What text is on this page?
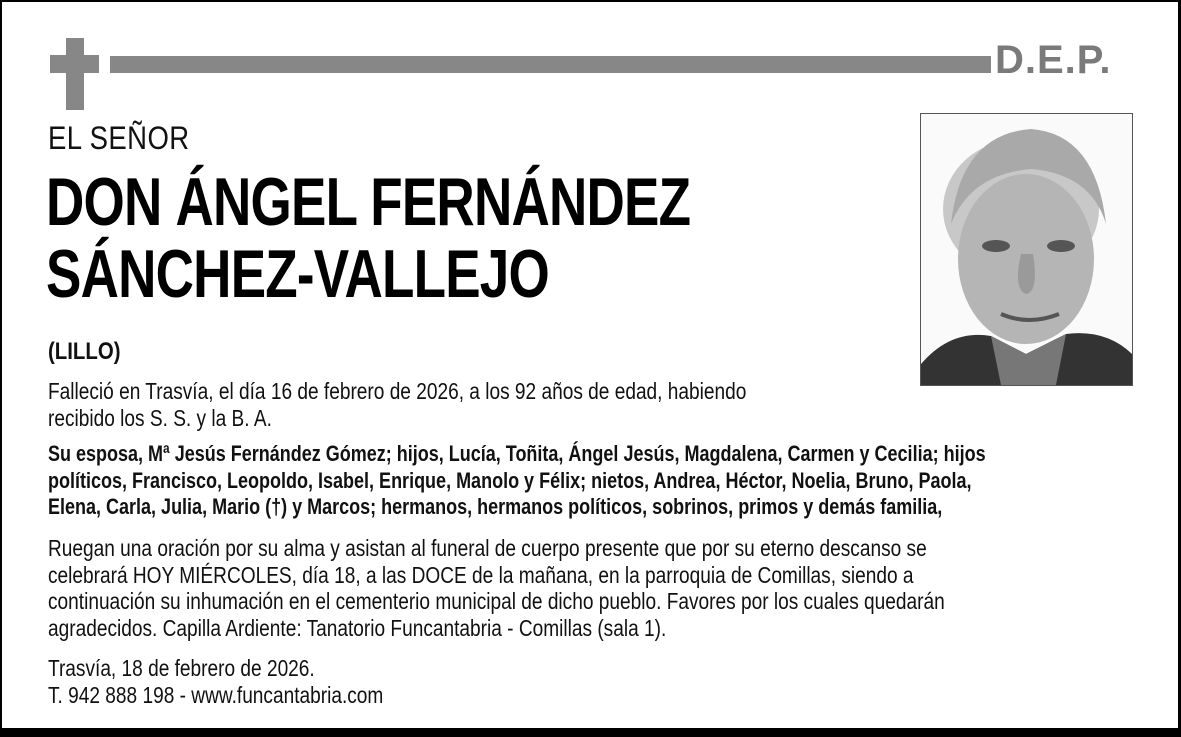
D.E.P.
EL SEÑOR
DON ÁNGEL FERNÁNDEZ
SÁNCHEZ-VALLEJO
(LILLO)
Falleció en Trasvía, el día 16 de febrero de 2026, a los 92 años de edad, habiendo
recibido los S. S. y la B. A.
Su esposa, Mª Jesús Fernández Gómez; hijos, Lucía, Toñita, Ángel Jesús, Magdalena, Carmen y Cecilia; hijos
políticos, Francisco, Leopoldo, Isabel, Enrique, Manolo y Félix; nietos, Andrea, Héctor, Noelia, Bruno, Paola,
Elena, Carla, Julia, Mario (†) y Marcos; hermanos, hermanos políticos, sobrinos, primos y demás familia,
Ruegan una oración por su alma y asistan al funeral de cuerpo presente que por su eterno descanso se
celebrará HOY MIÉRCOLES, día 18, a las DOCE de la mañana, en la parroquia de Comillas, siendo a
continuación su inhumación en el cementerio municipal de dicho pueblo. Favores por los cuales quedarán
agradecidos. Capilla Ardiente: Tanatorio Funcantabria - Comillas (sala 1).
Trasvía, 18 de febrero de 2026.
T. 942 888 198 - www.funcantabria.com
